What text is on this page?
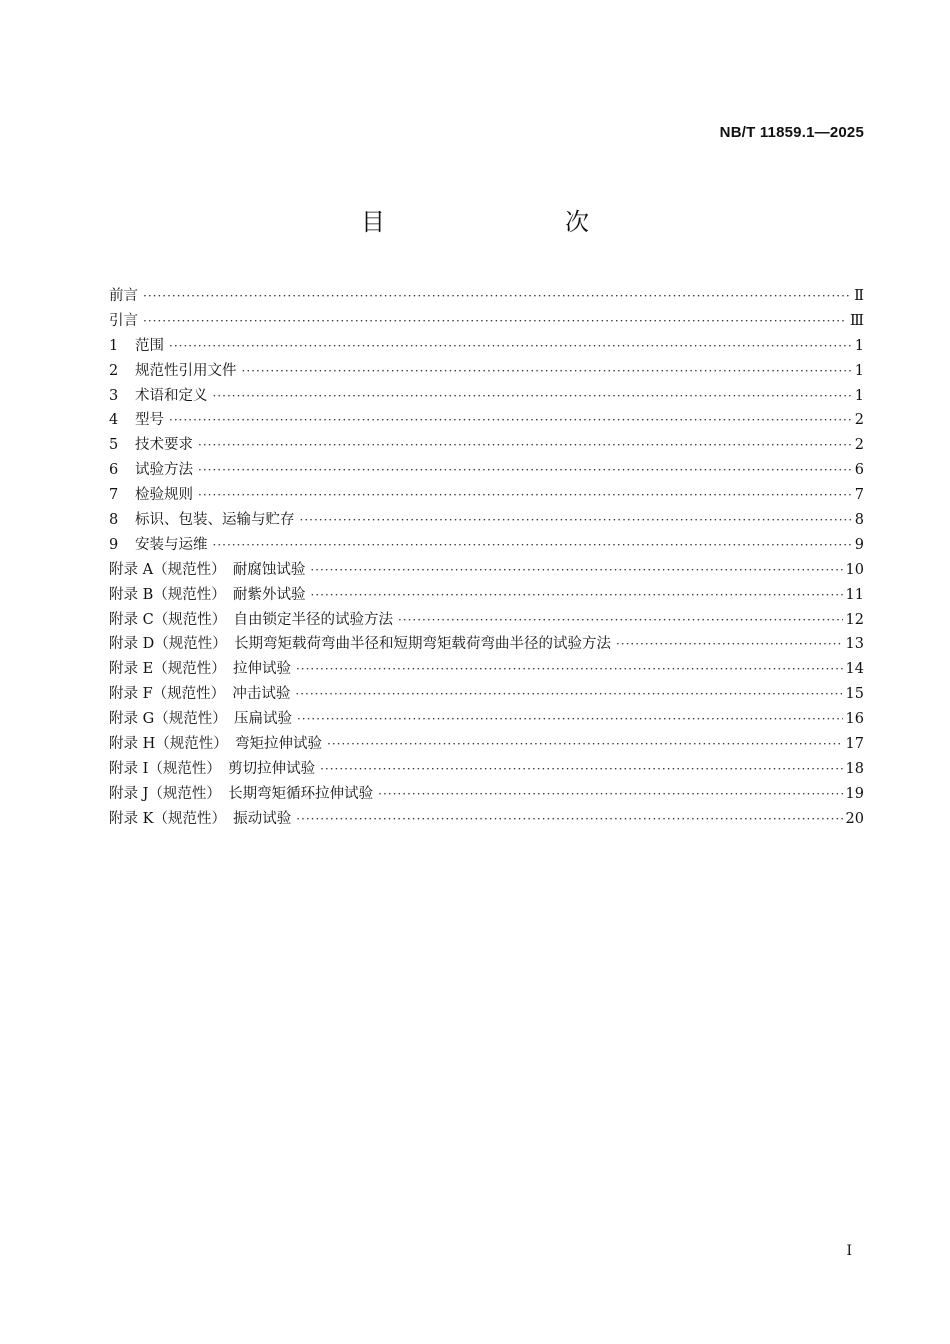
NB/T 11859.1—2025
目　　次
前言 ·····	Ⅱ
引言 ·····	Ⅲ
1	范围 ·····	1
2	规范性引用文件 ·····	1
3	术语和定义 ·····	1
4	型号 ·····	2
5	技术要求 ·····	2
6	试验方法 ·····	6
7	检验规则 ·····	7
8	标识、包装、运输与贮存 ·····	8
9	安装与运维 ·····	9
附录 A（规范性）　耐腐蚀试验 ·····	10
附录 B（规范性）　耐紫外试验 ·····	11
附录 C（规范性）　自由锁定半径的试验方法 ·····	12
附录 D（规范性）　长期弯矩载荷弯曲半径和短期弯矩载荷弯曲半径的试验方法 ·····	13
附录 E（规范性）　拉伸试验 ·····	14
附录 F（规范性）　冲击试验 ·····	15
附录 G（规范性）　压扁试验 ·····	16
附录 H（规范性）　弯矩拉伸试验 ·····	17
附录 I（规范性）　剪切拉伸试验 ·····	18
附录 J（规范性）　长期弯矩循环拉伸试验 ·····	19
附录 K（规范性）　振动试验 ·····	20
I
